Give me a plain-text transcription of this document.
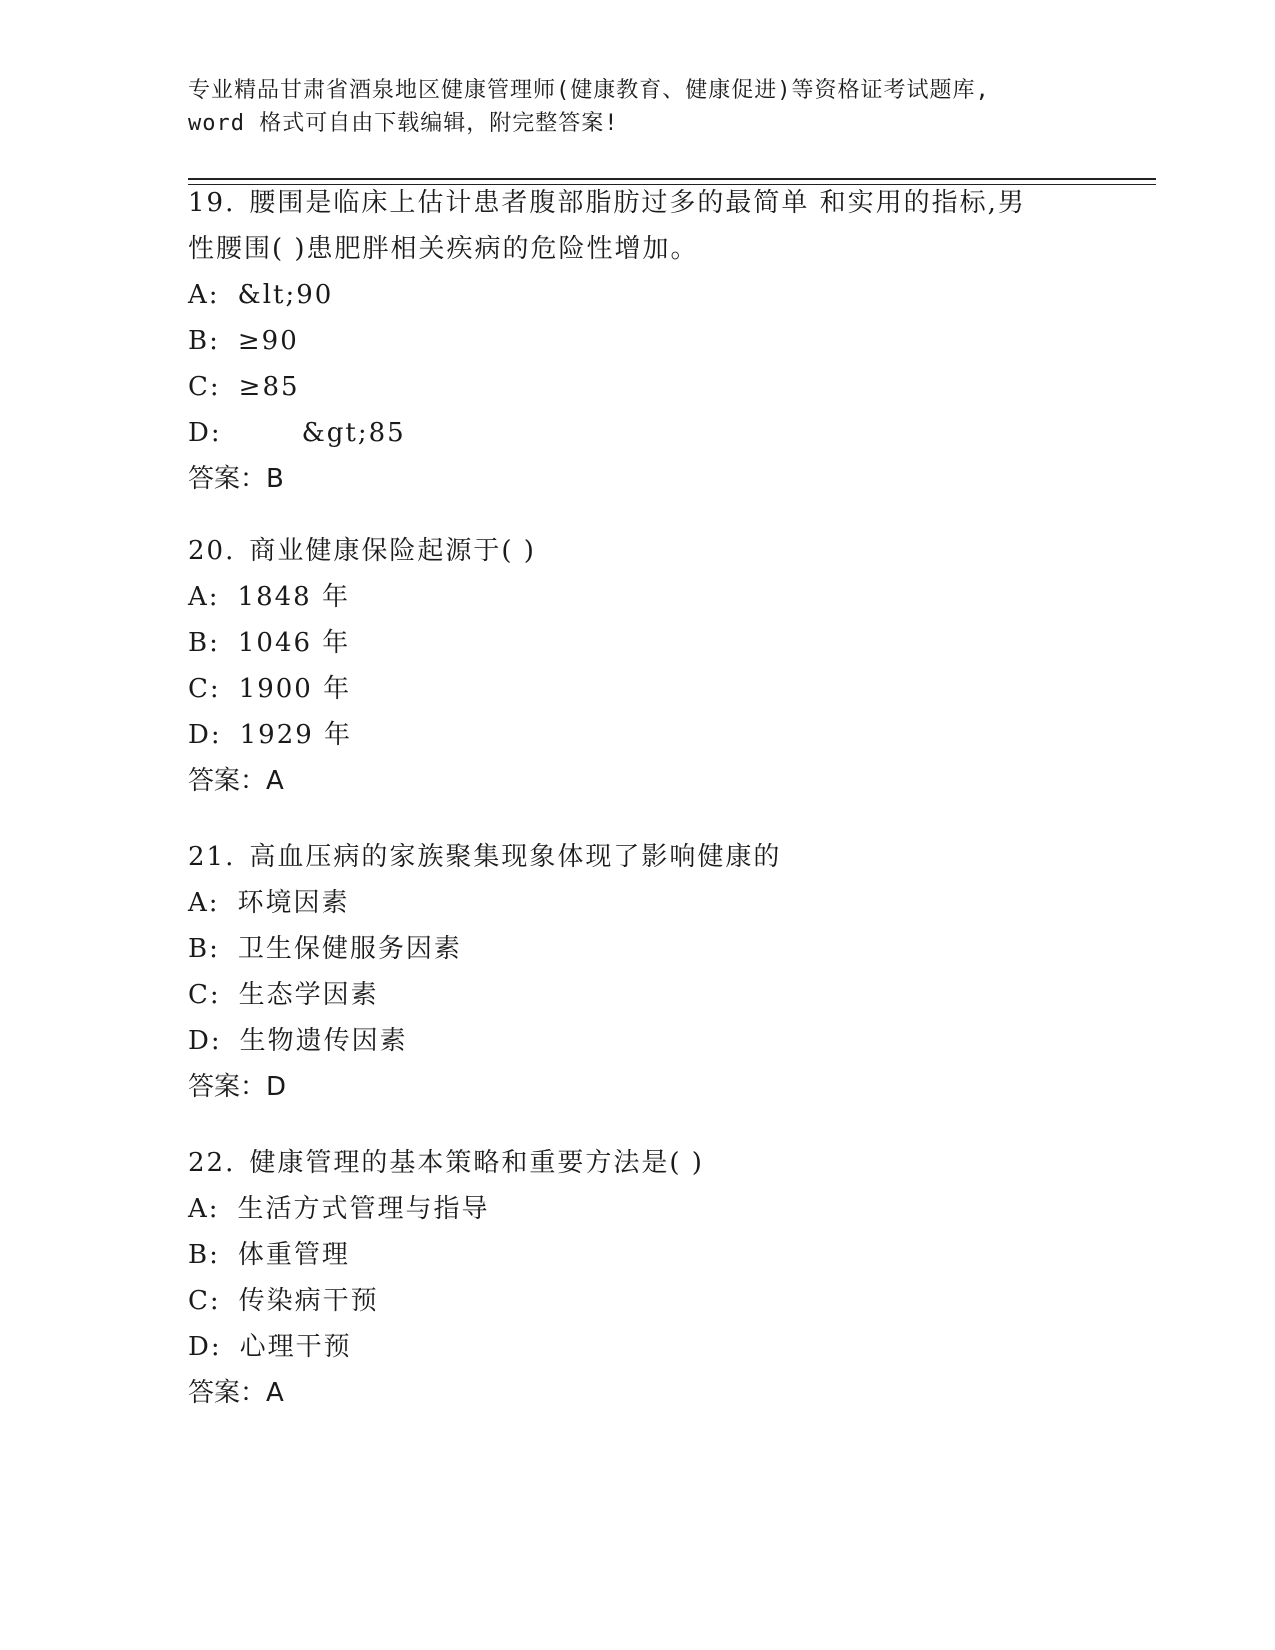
专业精品甘肃省酒泉地区健康管理师(健康教育、健康促进)等资格证考试题库,
word 格式可自由下载编辑，附完整答案!
19. 腰围是临床上估计患者腹部脂肪过多的最简单 和实用的指标,男
性腰围( )患肥胖相关疾病的危险性增加。
A: &lt;90
B: ≥90
C: ≥85
D:	&gt;85
答案：B
20. 商业健康保险起源于( )
A: 1848 年
B: 1046 年
C: 1900 年
D: 1929 年
答案：A
21. 高血压病的家族聚集现象体现了影响健康的
A: 环境因素
B: 卫生保健服务因素
C: 生态学因素
D: 生物遗传因素
答案：D
22. 健康管理的基本策略和重要方法是( )
A: 生活方式管理与指导
B: 体重管理
C: 传染病干预
D: 心理干预
答案：A
